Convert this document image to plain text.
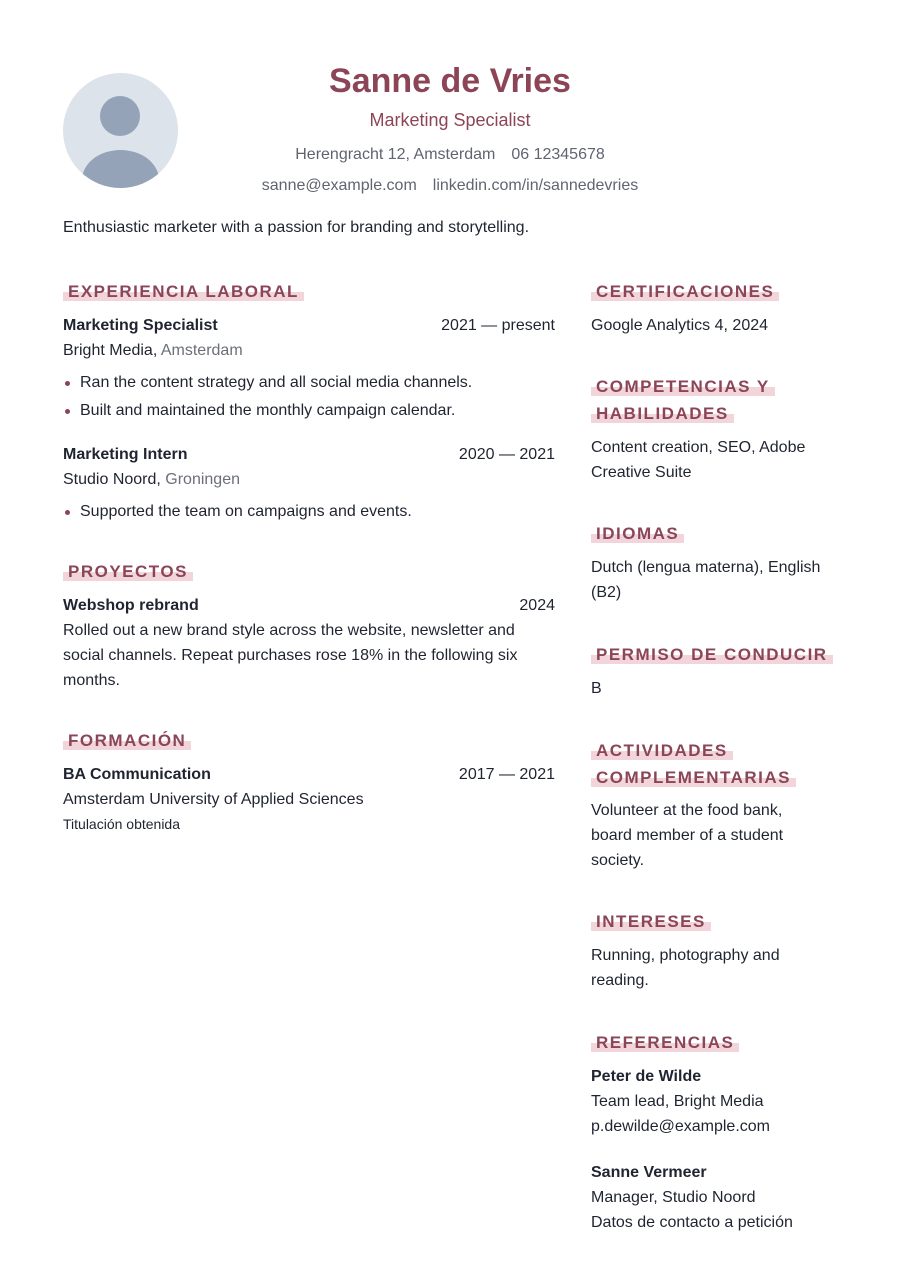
Sanne de Vries
Marketing Specialist
Herengracht 12, Amsterdam 06 12345678
sanne@example.com linkedin.com/in/sannedevries
Enthusiastic marketer with a passion for branding and storytelling.
EXPERIENCIA LABORAL
Marketing Specialist	2021 — present
Bright Media, Amsterdam
Ran the content strategy and all social media channels.
Built and maintained the monthly campaign calendar.
Marketing Intern	2020 — 2021
Studio Noord, Groningen
Supported the team on campaigns and events.
PROYECTOS
Webshop rebrand	2024
Rolled out a new brand style across the website, newsletter and social channels. Repeat purchases rose 18% in the following six months.
FORMACIÓN
BA Communication	2017 — 2021
Amsterdam University of Applied Sciences
Titulación obtenida
CERTIFICACIONES
Google Analytics 4, 2024
COMPETENCIAS Y
HABILIDADES
Content creation, SEO, Adobe Creative Suite
IDIOMAS
Dutch (lengua materna), English (B2)
PERMISO DE CONDUCIR
B
ACTIVIDADES
COMPLEMENTARIAS
Volunteer at the food bank, board member of a student society.
INTERESES
Running, photography and reading.
REFERENCIAS
Peter de Wilde
Team lead, Bright Media
p.dewilde@example.com
Sanne Vermeer
Manager, Studio Noord
Datos de contacto a petición
